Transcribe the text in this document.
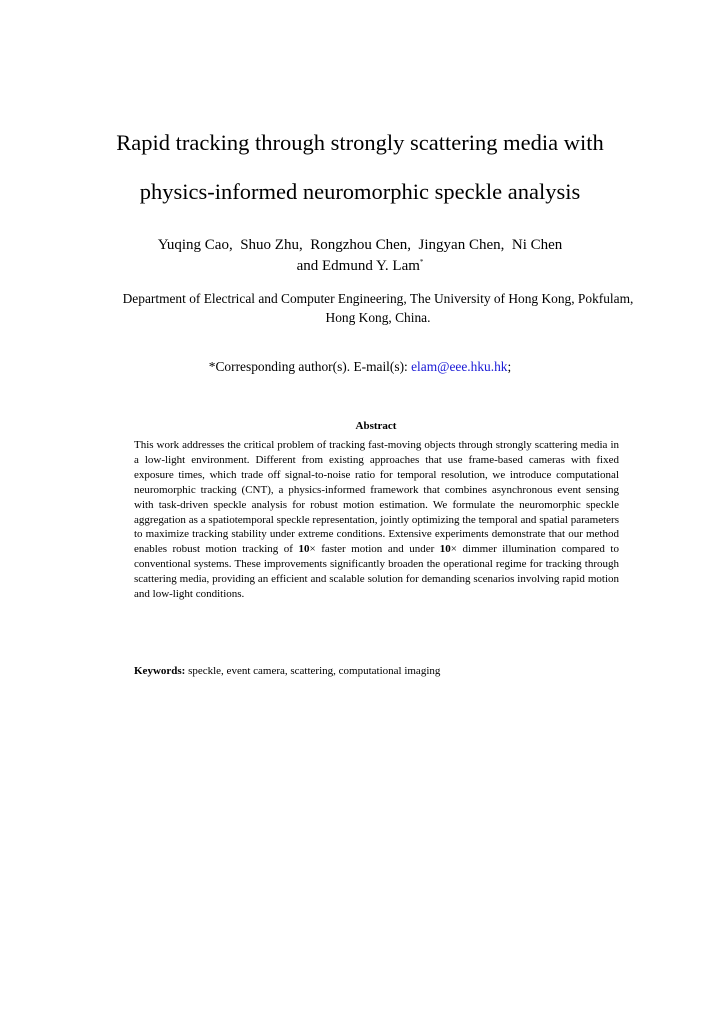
Rapid tracking through strongly scattering media with
physics-informed neuromorphic speckle analysis
Yuqing Cao,  Shuo Zhu,  Rongzhou Chen,  Jingyan Chen,  Ni Chen
and Edmund Y. Lam*
Department of Electrical and Computer Engineering, The University of Hong Kong, Pokfulam, Hong Kong, China.
*Corresponding author(s). E-mail(s): elam@eee.hku.hk;
Abstract
This work addresses the critical problem of tracking fast-moving objects through strongly scattering media in a low-light environment. Different from existing approaches that use frame-based cameras with fixed exposure times, which trade off signal-to-noise ratio for temporal resolution, we introduce computational neuromorphic tracking (CNT), a physics-informed framework that combines asynchronous event sensing with task-driven speckle analysis for robust motion estimation. We formulate the neuromorphic speckle aggregation as a spatiotemporal speckle representation, jointly optimizing the temporal and spatial parameters to maximize tracking stability under extreme conditions. Extensive experiments demonstrate that our method enables robust motion tracking of 10× faster motion and under 10× dimmer illumination compared to conventional systems. These improvements significantly broaden the operational regime for tracking through scattering media, providing an efficient and scalable solution for demanding scenarios involving rapid motion and low-light conditions.
Keywords: speckle, event camera, scattering, computational imaging
